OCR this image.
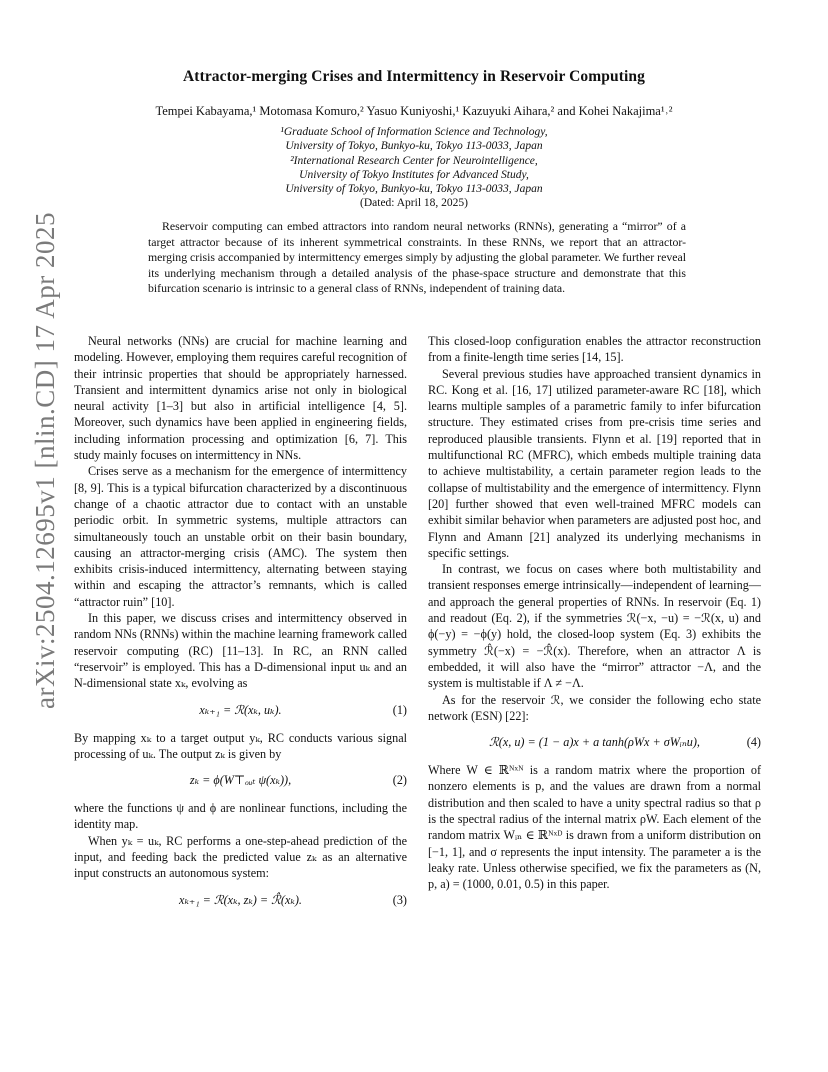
arXiv:2504.12695v1 [nlin.CD] 17 Apr 2025
Attractor-merging Crises and Intermittency in Reservoir Computing
Tempei Kabayama,¹ Motomasa Komuro,² Yasuo Kuniyoshi,¹ Kazuyuki Aihara,² and Kohei Nakajima¹˒²
¹Graduate School of Information Science and Technology,
University of Tokyo, Bunkyo-ku, Tokyo 113-0033, Japan
²International Research Center for Neurointelligence,
University of Tokyo Institutes for Advanced Study,
University of Tokyo, Bunkyo-ku, Tokyo 113-0033, Japan
(Dated: April 18, 2025)
Reservoir computing can embed attractors into random neural networks (RNNs), generating a “mirror” of a target attractor because of its inherent symmetrical constraints. In these RNNs, we report that an attractor-merging crisis accompanied by intermittency emerges simply by adjusting the global parameter. We further reveal its underlying mechanism through a detailed analysis of the phase-space structure and demonstrate that this bifurcation scenario is intrinsic to a general class of RNNs, independent of training data.

Neural networks (NNs) are crucial for machine learning and modeling. However, employing them requires careful recognition of their intrinsic properties that should be appropriately harnessed. Transient and intermittent dynamics arise not only in biological neural activity [1–3] but also in artificial intelligence [4, 5]. Moreover, such dynamics have been applied in engineering fields, including information processing and optimization [6, 7]. This study mainly focuses on intermittency in NNs.

Crises serve as a mechanism for the emergence of intermittency [8, 9]. This is a typical bifurcation characterized by a discontinuous change of a chaotic attractor due to contact with an unstable periodic orbit. In symmetric systems, multiple attractors can simultaneously touch an unstable orbit on their basin boundary, causing an attractor-merging crisis (AMC). The system then exhibits crisis-induced intermittency, alternating between staying within and escaping the attractor’s remnants, which is called “attractor ruin” [10].

In this paper, we discuss crises and intermittency observed in random NNs (RNNs) within the machine learning framework called reservoir computing (RC) [11–13]. In RC, an RNN called “reservoir” is employed. This has a D-dimensional input uₖ and an N-dimensional state xₖ, evolving as

xₖ₊₁ = ℛ(xₖ, uₖ).	(1)

By mapping xₖ to a target output yₖ, RC conducts various signal processing of uₖ. The output zₖ is given by

zₖ = ϕ(W⊤ₒᵤₜ ψ(xₖ)),	(2)

where the functions ψ and ϕ are nonlinear functions, including the identity map.

When yₖ = uₖ, RC performs a one-step-ahead prediction of the input, and feeding back the predicted value zₖ as an alternative input constructs an autonomous system:

xₖ₊₁ = ℛ(xₖ, zₖ) = ℛ̂(xₖ).	(3)

This closed-loop configuration enables the attractor reconstruction from a finite-length time series [14, 15].

Several previous studies have approached transient dynamics in RC. Kong et al. [16, 17] utilized parameter-aware RC [18], which learns multiple samples of a parametric family to infer bifurcation structure. They estimated crises from pre-crisis time series and reproduced plausible transients. Flynn et al. [19] reported that in multifunctional RC (MFRC), which embeds multiple training data to achieve multistability, a certain parameter region leads to the collapse of multistability and the emergence of intermittency. Flynn [20] further showed that even well-trained MFRC models can exhibit similar behavior when parameters are adjusted post hoc, and Flynn and Amann [21] analyzed its underlying mechanisms in specific settings.

In contrast, we focus on cases where both multistability and transient responses emerge intrinsically—independent of learning—and approach the general properties of RNNs. In reservoir (Eq. 1) and readout (Eq. 2), if the symmetries ℛ(−x, −u) = −ℛ(x, u) and ϕ(−y) = −ϕ(y) hold, the closed-loop system (Eq. 3) exhibits the symmetry ℛ̂(−x) = −ℛ̂(x). Therefore, when an attractor Λ is embedded, it will also have the “mirror” attractor −Λ, and the system is multistable if Λ ≠ −Λ.

As for the reservoir ℛ, we consider the following echo state network (ESN) [22]:

ℛ(x, u) = (1 − a)x + a tanh(ρWx + σWᵢₙu),	(4)

Where W ∈ ℝᴺˣᴺ is a random matrix where the proportion of nonzero elements is p, and the values are drawn from a normal distribution and then scaled to have a unity spectral radius so that ρ is the spectral radius of the internal matrix ρW. Each element of the random matrix Wᵢₙ ∈ ℝᴺˣᴰ is drawn from a uniform distribution on [−1, 1], and σ represents the input intensity. The parameter a is the leaky rate. Unless otherwise specified, we fix the parameters as (N, p, a) = (1000, 0.01, 0.5) in this paper.
